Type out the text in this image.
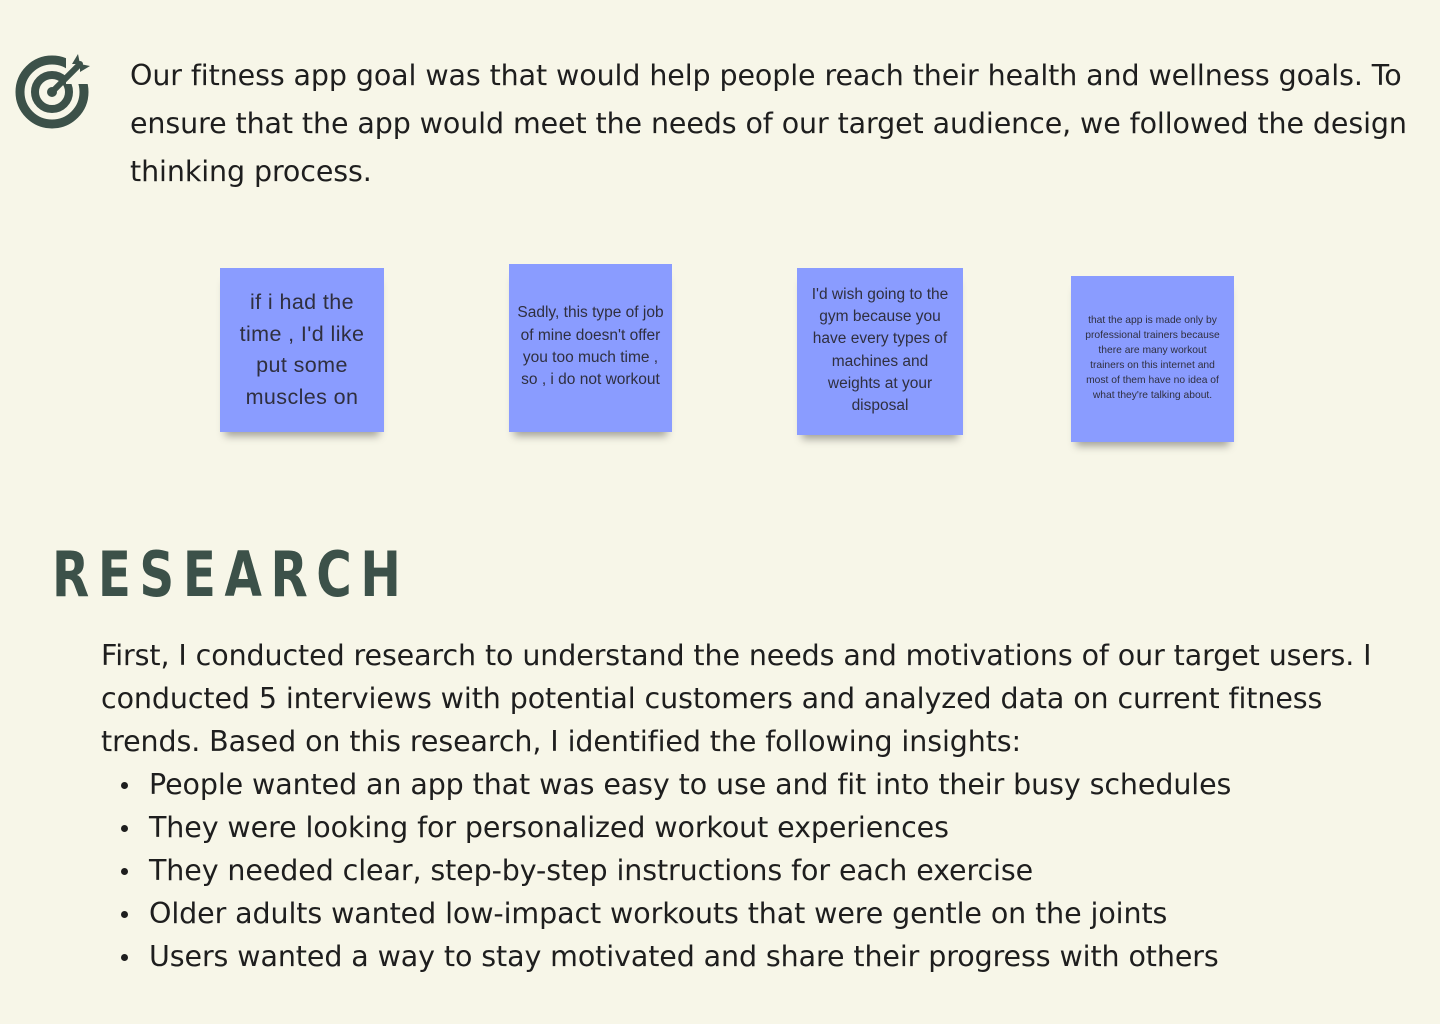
Our fitness app goal was that would help people reach their health and wellness goals. To ensure that the app would meet the needs of our target audience, we followed the design thinking process.

if i had the time , I'd like put some muscles on
Sadly, this type of job of mine doesn't offer you too much time , so , i do not workout
I'd wish going to the gym because you have every types of machines and weights at your disposal
that the app is made only by professional trainers because there are many workout trainers on this internet and most of them have no idea of what they're talking about.
RESEARCH

First, I conducted research to understand the needs and motivations of our target users. I conducted 5 interviews with potential customers and analyzed data on current fitness trends. Based on this research, I identified the following insights:

People wanted an app that was easy to use and fit into their busy schedules
They were looking for personalized workout experiences
They needed clear, step-by-step instructions for each exercise
Older adults wanted low-impact workouts that were gentle on the joints
Users wanted a way to stay motivated and share their progress with others
